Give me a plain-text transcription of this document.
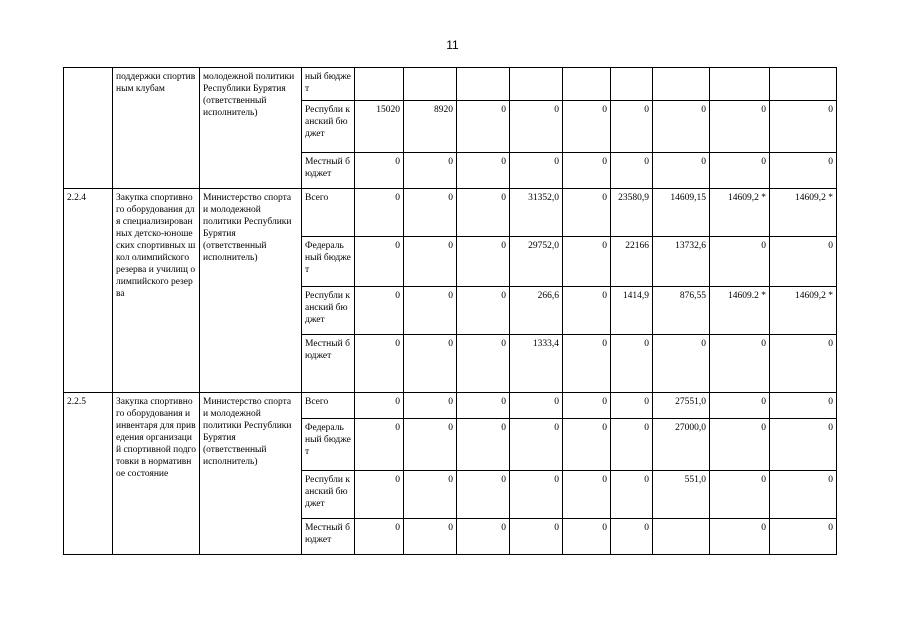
11
	поддержки спортивным клубам	молодежной политики Республики Бурятия (ответственный исполнитель)	ный бюджет									
			Республи канский бюджет	15020	8920	0	0	0	0	0	0	0
			Местный бюджет	0	0	0	0	0	0	0	0	0
2.2.4	Закупка спортивного оборудования для специализированных детско-юношеских спортивных школ олимпийского резерва и училищ олимпийского резерва	Министерство спорта и молодежной политики Республики Бурятия (ответственный исполнитель)	Всего	0	0	0	31352,0	0	23580,9	14609,15	14609,2 *	14609,2 *
			Федераль ный бюджет	0	0	0	29752,0	0	22166	13732,6	0	0
			Республи канский бюджет	0	0	0	266,6	0	1414,9	876,55	14609.2 *	14609,2 *
			Местный бюджет	0	0	0	1333,4	0	0	0	0	0
2.2.5	Закупка спортивного оборудования и инвентаря для приведения организаций спортивной подготовки в нормативное состояние	Министерство спорта и молодежной политики Республики Бурятия (ответственный исполнитель)	Всего	0	0	0	0	0	0	27551,0	0	0
			Федераль ный бюджет	0	0	0	0	0	0	27000,0	0	0
			Республи канский бюджет	0	0	0	0	0	0	551,0	0	0
			Местный бюджет	0	0	0	0	0	0		0	0
